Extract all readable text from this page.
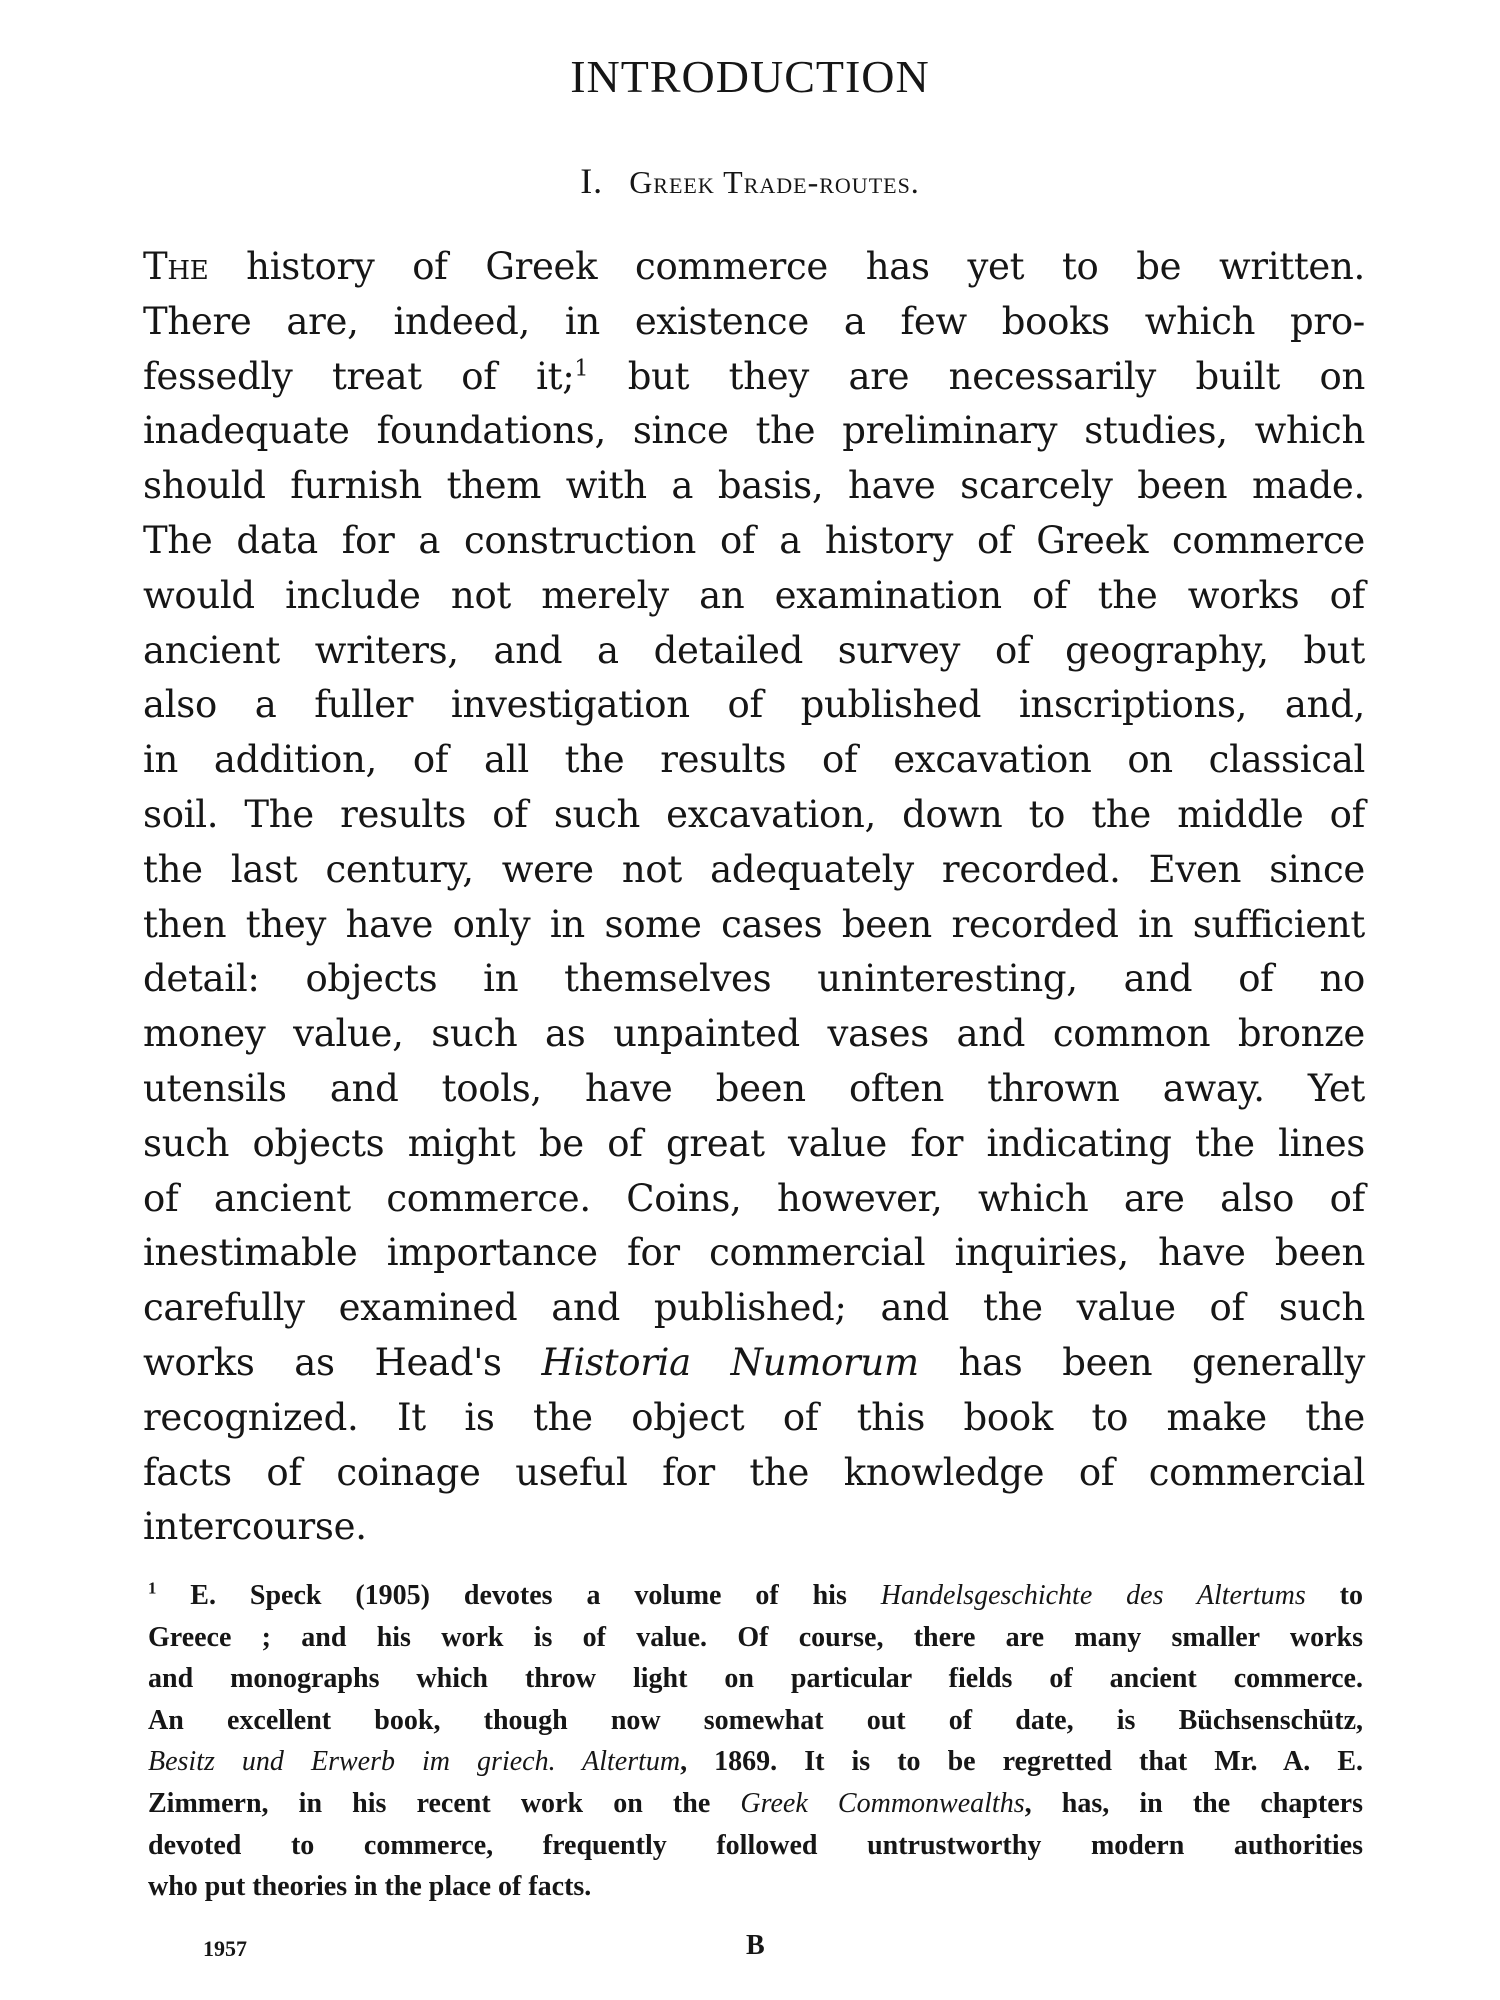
INTRODUCTION
I. Greek Trade-routes.
The history of Greek commerce has yet to be written.
There are, indeed, in existence a few books which pro-
fessedly treat of it;$^1$ but they are necessarily built on
inadequate foundations, since the preliminary studies, which
should furnish them with a basis, have scarcely been made.
The data for a construction of a history of Greek commerce
would include not merely an examination of the works of
ancient writers, and a detailed survey of geography, but
also a fuller investigation of published inscriptions, and,
in addition, of all the results of excavation on classical
soil. The results of such excavation, down to the middle of
the last century, were not adequately recorded. Even since
then they have only in some cases been recorded in sufficient
detail: objects in themselves uninteresting, and of no
money value, such as unpainted vases and common bronze
utensils and tools, have been often thrown away. Yet
such objects might be of great value for indicating the lines
of ancient commerce. Coins, however, which are also of
inestimable importance for commercial inquiries, have been
carefully examined and published; and the value of such
works as Head's Historia Numorum has been generally
recognized. It is the object of this book to make the
facts of coinage useful for the knowledge of commercial
intercourse.
$^1$ E. Speck (1905) devotes a volume of his Handelsgeschichte des Altertums to
Greece ; and his work is of value. Of course, there are many smaller works
and monographs which throw light on particular fields of ancient commerce.
An excellent book, though now somewhat out of date, is Büchsenschütz,
Besitz und Erwerb im griech. Altertum, 1869. It is to be regretted that Mr. A. E.
Zimmern, in his recent work on the Greek Commonwealths, has, in the chapters
devoted to commerce, frequently followed untrustworthy modern authorities
who put theories in the place of facts.
1957	B
